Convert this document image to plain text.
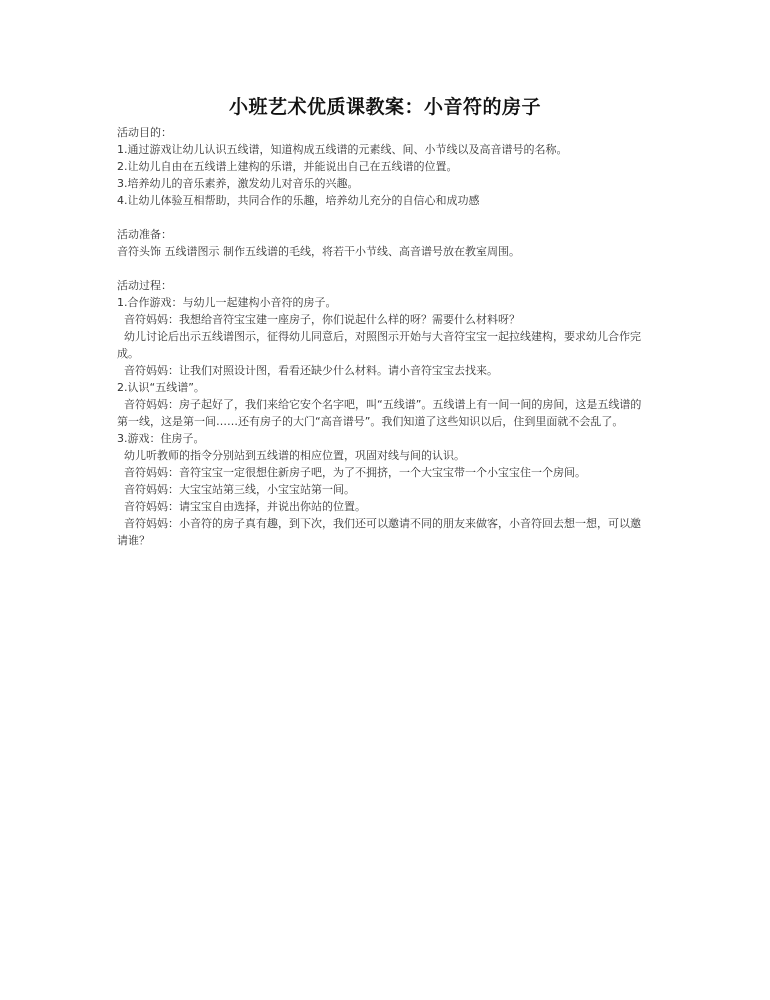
小班艺术优质课教案：小音符的房子

活动目的：

1.通过游戏让幼儿认识五线谱，知道构成五线谱的元素线、间、小节线以及高音谱号的名称。

2.让幼儿自由在五线谱上建构的乐谱，并能说出自己在五线谱的位置。

3.培养幼儿的音乐素养，激发幼儿对音乐的兴趣。

4.让幼儿体验互相帮助，共同合作的乐趣，培养幼儿充分的自信心和成功感

活动准备：

音符头饰 五线谱图示 制作五线谱的毛线，将若干小节线、高音谱号放在教室周围。

活动过程：

1.合作游戏：与幼儿一起建构小音符的房子。

音符妈妈：我想给音符宝宝建一座房子，你们说起什么样的呀？需要什么材料呀？

幼儿讨论后出示五线谱图示，征得幼儿同意后，对照图示开始与大音符宝宝一起拉线建构，要求幼儿合作完成。

音符妈妈：让我们对照设计图，看看还缺少什么材料。请小音符宝宝去找来。

2.认识“五线谱”。

音符妈妈：房子起好了，我们来给它安个名字吧，叫“五线谱”。五线谱上有一间一间的房间，这是五线谱的第一线，这是第一间……还有房子的大门“高音谱号”。我们知道了这些知识以后，住到里面就不会乱了。

3.游戏：住房子。

幼儿听教师的指令分别站到五线谱的相应位置，巩固对线与间的认识。

音符妈妈：音符宝宝一定很想住新房子吧，为了不拥挤，一个大宝宝带一个小宝宝住一个房间。

音符妈妈：大宝宝站第三线，小宝宝站第一间。

音符妈妈：请宝宝自由选择，并说出你站的位置。

音符妈妈：小音符的房子真有趣，到下次，我们还可以邀请不同的朋友来做客，小音符回去想一想，可以邀请谁？
